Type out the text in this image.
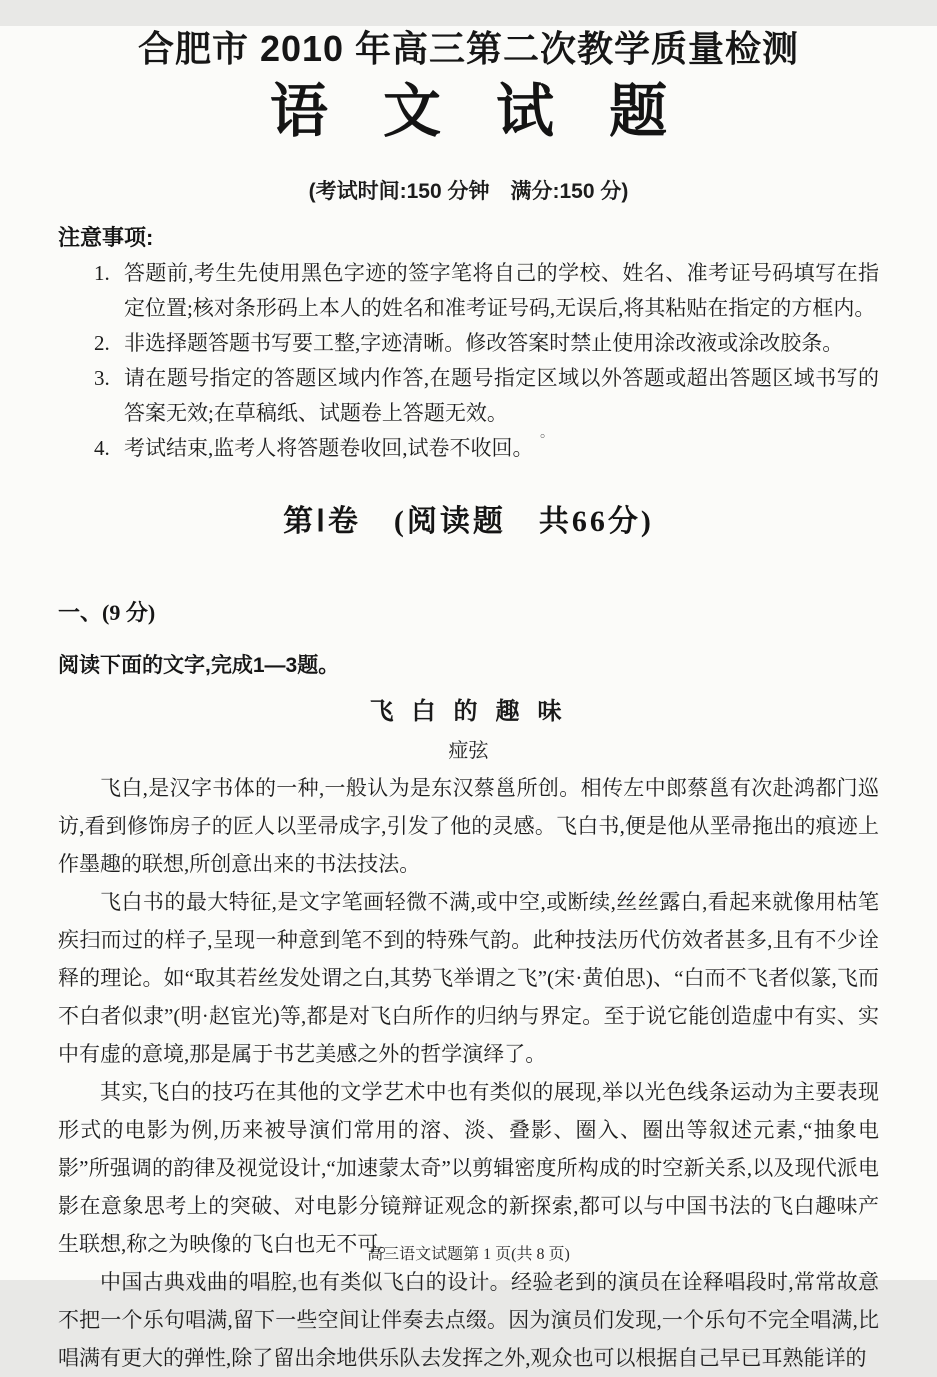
合肥市 2010 年高三第二次教学质量检测
语 文 试 题
(考试时间:150 分钟　满分:150 分)
注意事项:
1. 答题前,考生先使用黑色字迹的签字笔将自己的学校、姓名、准考证号码填写在指定位置;核对条形码上本人的姓名和准考证号码,无误后,将其粘贴在指定的方框内。
2. 非选择题答题书写要工整,字迹清晰。修改答案时禁止使用涂改液或涂改胶条。
3. 请在题号指定的答题区域内作答,在题号指定区域以外答题或超出答题区域书写的答案无效;在草稿纸、试题卷上答题无效。
4. 考试结束,监考人将答题卷收回,试卷不收回。
第Ⅰ卷　(阅读题　共66分)
一、(9 分)
阅读下面的文字,完成1—3题。
飞 白 的 趣 味
痖弦

飞白,是汉字书体的一种,一般认为是东汉蔡邕所创。相传左中郎蔡邕有次赴鸿都门巡访,看到修饰房子的匠人以垩帚成字,引发了他的灵感。飞白书,便是他从垩帚拖出的痕迹上作墨趣的联想,所创意出来的书法技法。

飞白书的最大特征,是文字笔画轻微不满,或中空,或断续,丝丝露白,看起来就像用枯笔疾扫而过的样子,呈现一种意到笔不到的特殊气韵。此种技法历代仿效者甚多,且有不少诠释的理论。如“取其若丝发处谓之白,其势飞举谓之飞”(宋·黄伯思)、“白而不飞者似篆,飞而不白者似隶”(明·赵宦光)等,都是对飞白所作的归纳与界定。至于说它能创造虚中有实、实中有虚的意境,那是属于书艺美感之外的哲学演绎了。

其实,飞白的技巧在其他的文学艺术中也有类似的展现,举以光色线条运动为主要表现形式的电影为例,历来被导演们常用的溶、淡、叠影、圈入、圈出等叙述元素,“抽象电影”所强调的韵律及视觉设计,“加速蒙太奇”以剪辑密度所构成的时空新关系,以及现代派电影在意象思考上的突破、对电影分镜辩证观念的新探索,都可以与中国书法的飞白趣味产生联想,称之为映像的飞白也无不可。

中国古典戏曲的唱腔,也有类似飞白的设计。经验老到的演员在诠释唱段时,常常故意不把一个乐句唱满,留下一些空间让伴奏去点缀。因为演员们发现,一个乐句不完全唱满,比唱满有更大的弹性,除了留出余地供乐队去发挥之外,观众也可以根据自己早已耳熟能详的

。
高三语文试题第 1 页(共 8 页)
